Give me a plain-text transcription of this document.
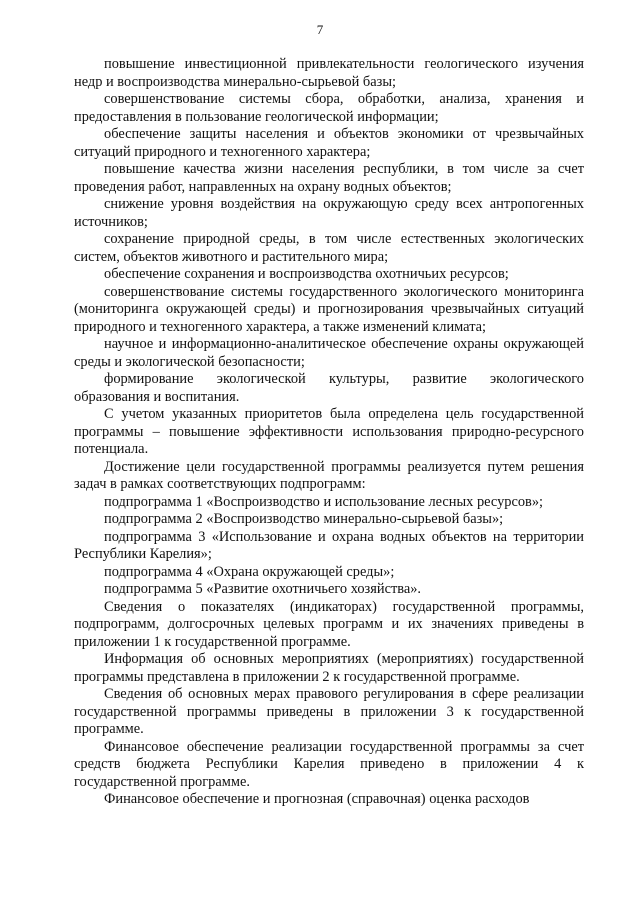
7

повышение инвестиционной привлекательности геологического изучения недр и воспроизводства минерально-сырьевой базы;

совершенствование системы сбора, обработки, анализа, хранения и предоставления в пользование геологической информации;

обеспечение защиты населения и объектов экономики от чрезвычайных ситуаций природного и техногенного характера;

повышение качества жизни населения республики, в том числе за счет проведения работ, направленных на охрану водных объектов;

снижение уровня воздействия на окружающую среду всех антропогенных источников;

сохранение природной среды, в том числе естественных экологических систем, объектов животного и растительного мира;

обеспечение сохранения и воспроизводства охотничьих ресурсов;

совершенствование системы государственного экологического мониторинга (мониторинга окружающей среды) и прогнозирования чрезвычайных ситуаций природного и техногенного характера, а также изменений климата;

научное и информационно-аналитическое обеспечение охраны окружающей среды и экологической безопасности;

формирование экологической культуры, развитие экологического образования и воспитания.

С учетом указанных приоритетов была определена цель государственной программы – повышение эффективности использования природно-ресурсного потенциала.

Достижение цели государственной программы реализуется путем решения задач в рамках соответствующих подпрограмм:

подпрограмма 1 «Воспроизводство и использование лесных ресурсов»;

подпрограмма 2 «Воспроизводство минерально-сырьевой базы»;

подпрограмма 3 «Использование и охрана водных объектов на территории Республики Карелия»;

подпрограмма 4 «Охрана окружающей среды»;

подпрограмма 5 «Развитие охотничьего хозяйства».

Сведения о показателях (индикаторах) государственной программы, подпрограмм, долгосрочных целевых программ и их значениях приведены в приложении 1 к государственной программе.

Информация об основных мероприятиях (мероприятиях) государственной программы представлена в приложении 2 к государственной программе.

Сведения об основных мерах правового регулирования в сфере реализации государственной программы приведены в приложении 3 к государственной программе.

Финансовое обеспечение реализации государственной программы за счет средств бюджета Республики Карелия приведено в приложении 4 к государственной программе.

Финансовое обеспечение и прогнозная (справочная) оценка расходов
